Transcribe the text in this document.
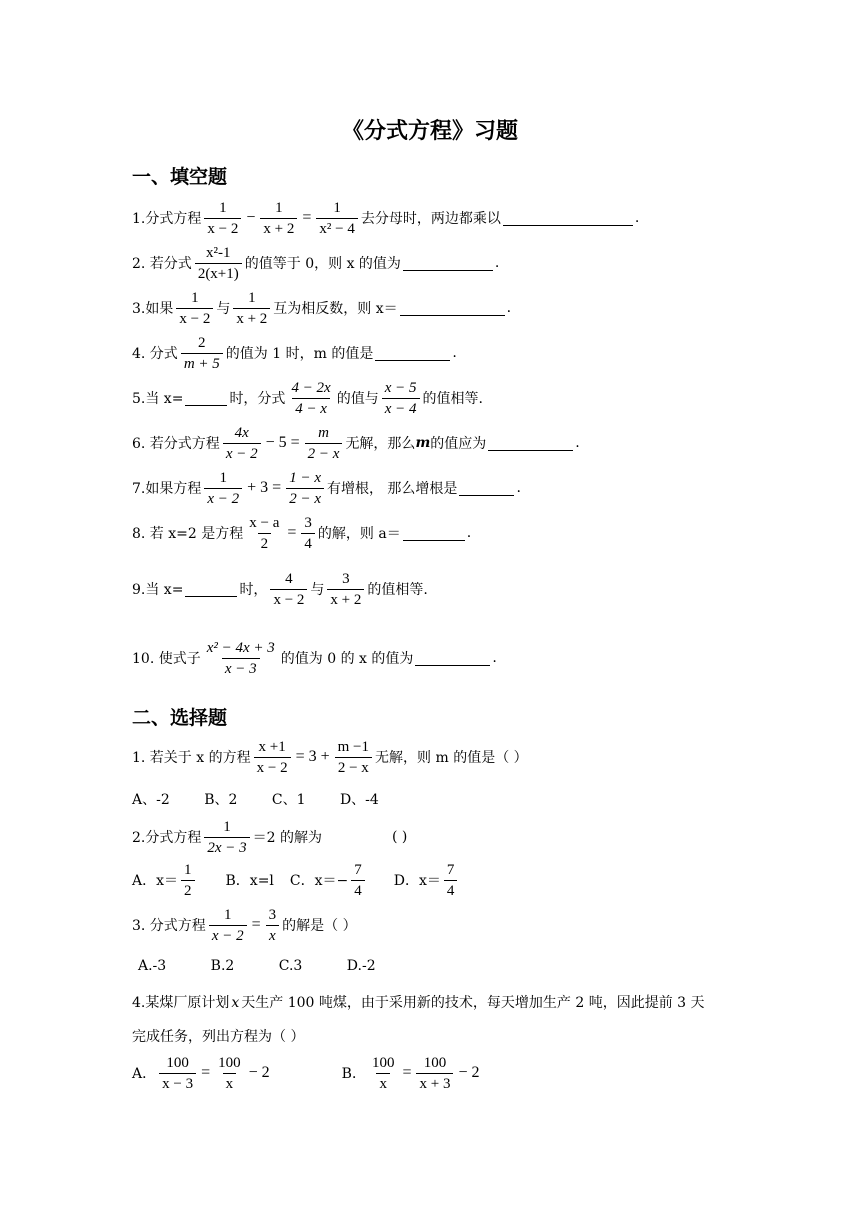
《分式方程》习题
一、填空题
1.分式方程 $\frac{1}{x - 2} - \frac{1}{x + 2} = \frac{1}{\text{x² − 4}}$ 去分母时，两边都乘以	.
2. 若分式 $\frac{\text{x²-1}}{2(x+1)}$ 的值等于 0，则 x 的值为	.
3.如果 $\frac{1}{x - 2}$ 与 $\frac{1}{x + 2}$ 互为相反数，则 x＝	.
4. 分式 $\frac{2}{m + 5}$ 的值为 1 时，m 的值是	.
5.当 x=	时，分式 $\frac{4 - 2x}{4 - x}$ 的值与 $\frac{x - 5}{x - 4}$ 的值相等.
6. 若分式方程 $\frac{4x}{x - 2} - 5 = \frac{m}{2 - x}$ 无解，那么 m 的值应为	.
7.如果方程 $\frac{1}{x - 2} + 3 = \frac{1 - x}{2 - x}$ 有增根， 那么增根是	.
8. 若 x=2 是方程 $\frac{x - a}{2} = \frac{3}{4}$ 的解，则 a＝	.
9.当 x=	时， $\frac{4}{x - 2}$ 与 $\frac{3}{x + 2}$ 的值相等.
10. 使式子 $\frac{\text{x² − 4x + 3}}{x - 3}$ 的值为 0 的 x 的值为	.
二、选择题
1. 若关于 x 的方程 $\frac{x +1}{x - 2} = 3 + \frac{m -1}{2 - x}$ 无解，则 m 的值是（ ）
A、-2 B、2 C、1 D、-4
2.分式方程 $\frac{1}{2x - 3} =2$ 的解为	( )
A．$x= \frac{1}{2}$ B．x=l C．$x=- \frac{7}{4}$ D．$x= \frac{7}{4}$
3. 分式方程 $\frac{1}{x - 2} = \frac{3}{x}$ 的解是（ ）
A.-3	B.2	C.3	D.-2
4.某煤厂原计划 x 天生产 100 吨煤，由于采用新的技术，每天增加生产 2 吨，因此提前 3 天
完成任务，列出方程为（ ）
A． $\frac{100}{x - 3} = \frac{100}{x} - 2$	B． $\frac{100}{x} = \frac{100}{x + 3} - 2$
